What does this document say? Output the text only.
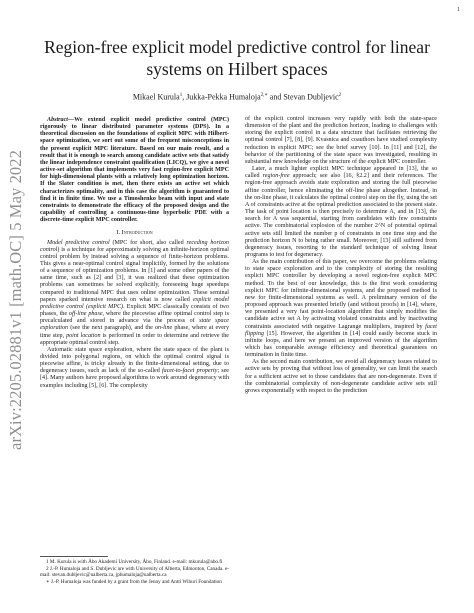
1
arXiv:2205.02881v1 [math.OC] 5 May 2022
Region-free explicit model predictive control for linear systems on Hilbert spaces
Mikael Kurula$^1$, Jukka-Pekka Humaloja$^{2,∗}$ and Stevan Dubljevic$^2$

Abstract—We extend explicit model predictive control (MPC) rigorously to linear distributed parameter systems (DPS). In a theoretical discussion on the foundations of explicit MPC with Hilbert-space optimization, we sort out some of the frequent misconceptions in the present explicit MPC literature. Based on our main result, and a result that it is enough to search among candidate active sets that satisfy the linear independence constraint qualification (LICQ), we give a novel active-set algorithm that implements very fast region-free explicit MPC for high-dimensional plants with a relatively long optimization horizon. If the Slater condition is met, then there exists an active set which characterizes optimality, and in this case the algorithm is guaranteed to find it in finite time. We use a Timoshenko beam with input and state constraints to demonstrate the efficacy of the proposed design and the capability of controlling a continuous-time hyperbolic PDE with a discrete-time explicit MPC controller.

I. Introduction

Model predictive control (MPC for short, also called receding horizon control) is a technique for approximately solving an infinite-horizon optimal control problem by instead solving a sequence of finite-horizon problems. This gives a near-optimal control signal implicitly, formed by the solutions of a sequence of optimization problems. In [1] and some other papers of the same time, such as [2] and [3], it was realized that these optimization problems can sometimes be solved explicitly, foreseeing huge speedups compared to traditional MPC that uses online optimization. These seminal papers sparked intensive research on what is now called explicit model predictive control (explicit MPC). Explicit MPC classically consists of two phases, the off-line phase, where the piecewise affine optimal control step is precalculated and stored in advance via the process of state space exploration (see the next paragraph), and the on-line phase, where at every time step, point location is performed in order to determine and retrieve the appropriate optimal control step.

Automatic state space exploration, where the state space of the plant is divided into polygonal regions, on which the optimal control signal is piecewise affine, is tricky already in the finite-dimensional setting, due to degeneracy issues, such as lack of the so-called facet-to-facet property; see [4]. Many authors have proposed algorithms to work around degeneracy with examples including [5], [6]. The complexity

1 M. Kurula is with Åbo Akademi University, Åbo, Finland. e-mail: mkurula@abo.fi

2 J.-P. Humaloja and S. Dubljevic are with University of Alberta, Edmonton, Canada. e-mail: stevan.dubljevic@ualberta.ca, jphumaloja@ualberta.ca

∗ J.-P. Humaloja was funded by a grant from the Jenny and Antti Wihuri Foundation

of the explicit control increases very rapidly with both the state-space dimension of the plant and the prediction horizon, leading to challenges with storing the explicit control in a data structure that facilitates retrieving the optimal control [7], [8], [9]. Kvasnica and coauthors have studied complexity reduction in explicit MPC; see the brief survey [10]. In [11] and [12], the behavior of the partitioning of the state space was investigated, resulting in substantial new knowledge on the structure of the explicit MPC controller.

Later, a much lighter explicit MPC technique appeared in [13], the so called region-free approach; see also [16, §2.2] and their references. The region-free approach avoids state exploration and storing the full piecewise affine controller, hence eliminating the off-line phase altogether. Instead, in the on-line phase, it calculates the optimal control step on the fly, using the set A of constraints active at the optimal prediction associated to the present state. The task of point location is then precisely to determine A, and in [13], the search for A was sequential, starting from candidates with few constraints active. The combinatorial explosion of the number 2^N of potential optimal active sets still limited the number p of constraints in one time step and the prediction horizon N to being rather small. Moreover, [13] still suffered from degeneracy issues, resorting to the standard technique of solving linear programs to test for degeneracy.

As the main contribution of this paper, we overcome the problems relating to state space exploration and to the complexity of storing the resulting explicit MPC controller by developing a novel region-free explicit MPC method. To the best of our knowledge, this is the first work considering explicit MPC for infinite-dimensional systems, and the proposed method is new for finite-dimensional systems as well. A preliminary version of the proposed approach was presented briefly (and without proofs) in [14], where, we presented a very fast point-location algorithm that simply modifies the candidate active set A by activating violated constraints and by inactivating constraints associated with negative Lagrange multipliers, inspired by facet flipping [15]. However, the algorithm in [14] could easily become stuck in infinite loops, and here we present an improved version of the algorithm which has comparable average efficiency and theoretical guarantees on termination in finite time.

As the second main contribution, we avoid all degeneracy issues related to active sets by proving that without loss of generality, we can limit the search for a sufficient active set to those candidates that are non-degenerate. Even if the combinatorial complexity of non-degenerate candidate active sets still grows exponentially with respect to the prediction
